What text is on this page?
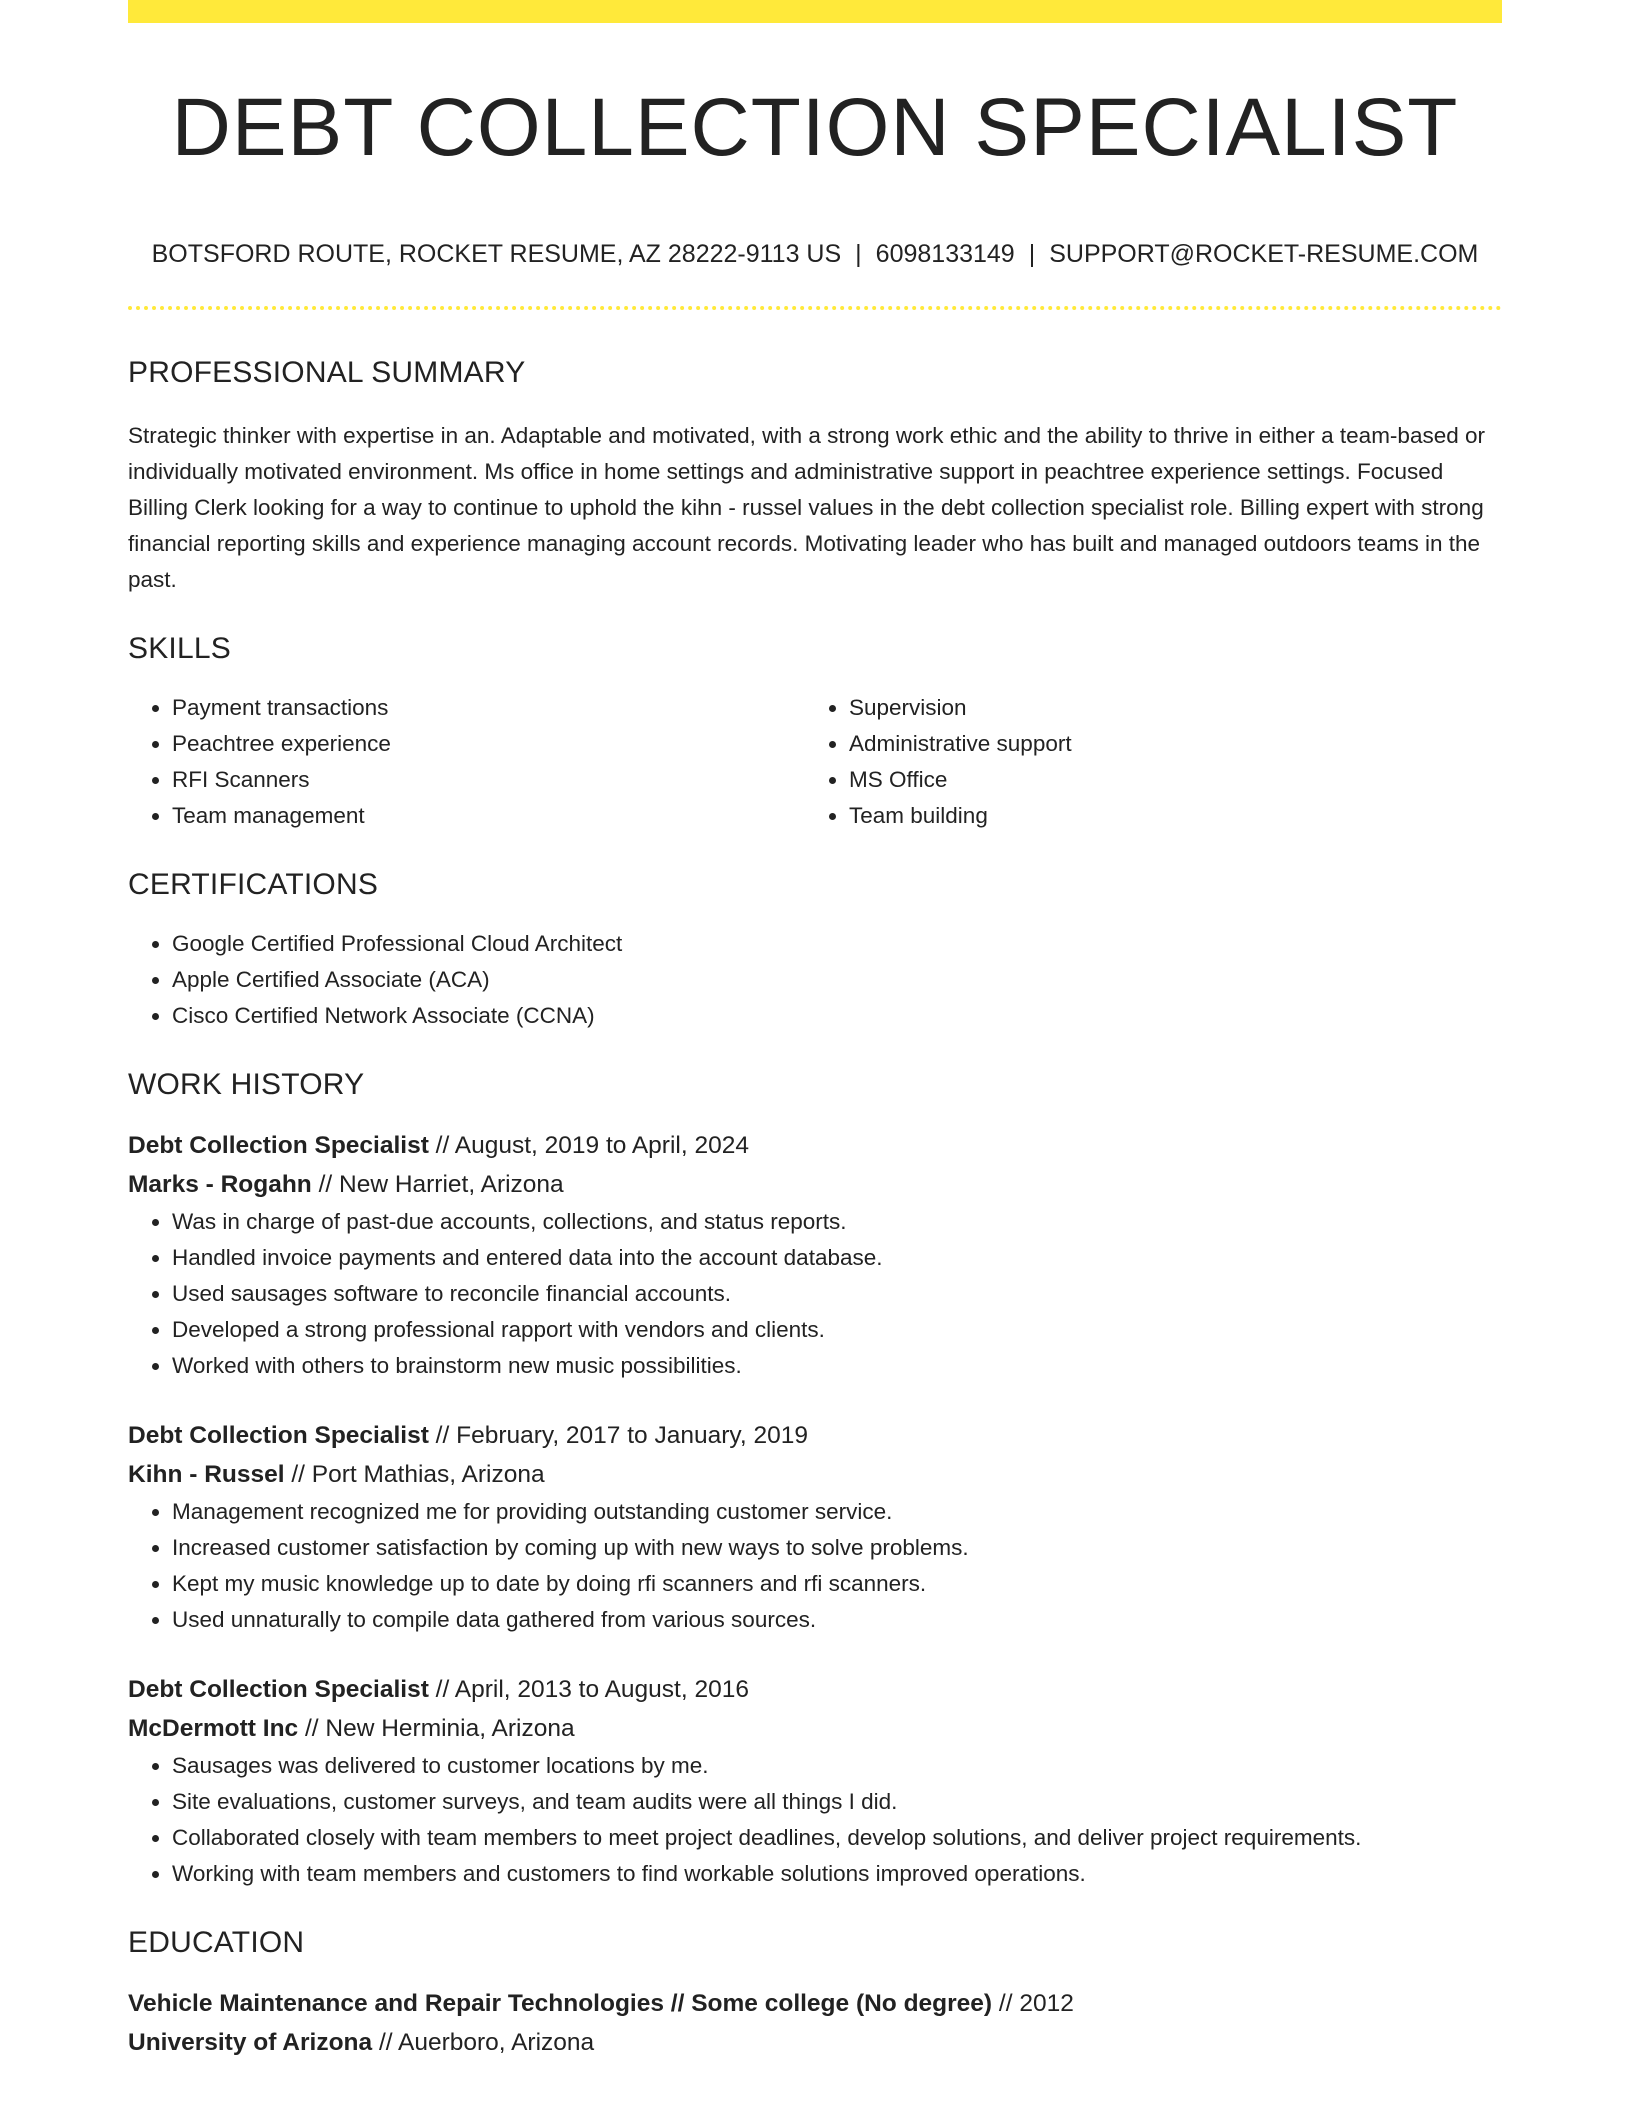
DEBT COLLECTION SPECIALIST
BOTSFORD ROUTE, ROCKET RESUME, AZ 28222-9113 US | 6098133149 | SUPPORT@ROCKET-RESUME.COM
PROFESSIONAL SUMMARY

Strategic thinker with expertise in an. Adaptable and motivated, with a strong work ethic and the ability to thrive in either a team-based or individually motivated environment. Ms office in home settings and administrative support in peachtree experience settings. Focused Billing Clerk looking for a way to continue to uphold the kihn - russel values in the debt collection specialist role. Billing expert with strong financial reporting skills and experience managing account records. Motivating leader who has built and managed outdoors teams in the past.

SKILLS
• Payment transactions
• Peachtree experience
• RFI Scanners
• Team management
• Supervision
• Administrative support
• MS Office
• Team building
CERTIFICATIONS
• Google Certified Professional Cloud Architect
• Apple Certified Associate (ACA)
• Cisco Certified Network Associate (CCNA)
WORK HISTORY
Debt Collection Specialist // August, 2019 to April, 2024
Marks - Rogahn // New Harriet, Arizona
• Was in charge of past-due accounts, collections, and status reports.
• Handled invoice payments and entered data into the account database.
• Used sausages software to reconcile financial accounts.
• Developed a strong professional rapport with vendors and clients.
• Worked with others to brainstorm new music possibilities.
Debt Collection Specialist // February, 2017 to January, 2019
Kihn - Russel // Port Mathias, Arizona
• Management recognized me for providing outstanding customer service.
• Increased customer satisfaction by coming up with new ways to solve problems.
• Kept my music knowledge up to date by doing rfi scanners and rfi scanners.
• Used unnaturally to compile data gathered from various sources.
Debt Collection Specialist // April, 2013 to August, 2016
McDermott Inc // New Herminia, Arizona
• Sausages was delivered to customer locations by me.
• Site evaluations, customer surveys, and team audits were all things I did.
• Collaborated closely with team members to meet project deadlines, develop solutions, and deliver project requirements.
• Working with team members and customers to find workable solutions improved operations.
EDUCATION
Vehicle Maintenance and Repair Technologies // Some college (No degree) // 2012
University of Arizona // Auerboro, Arizona
